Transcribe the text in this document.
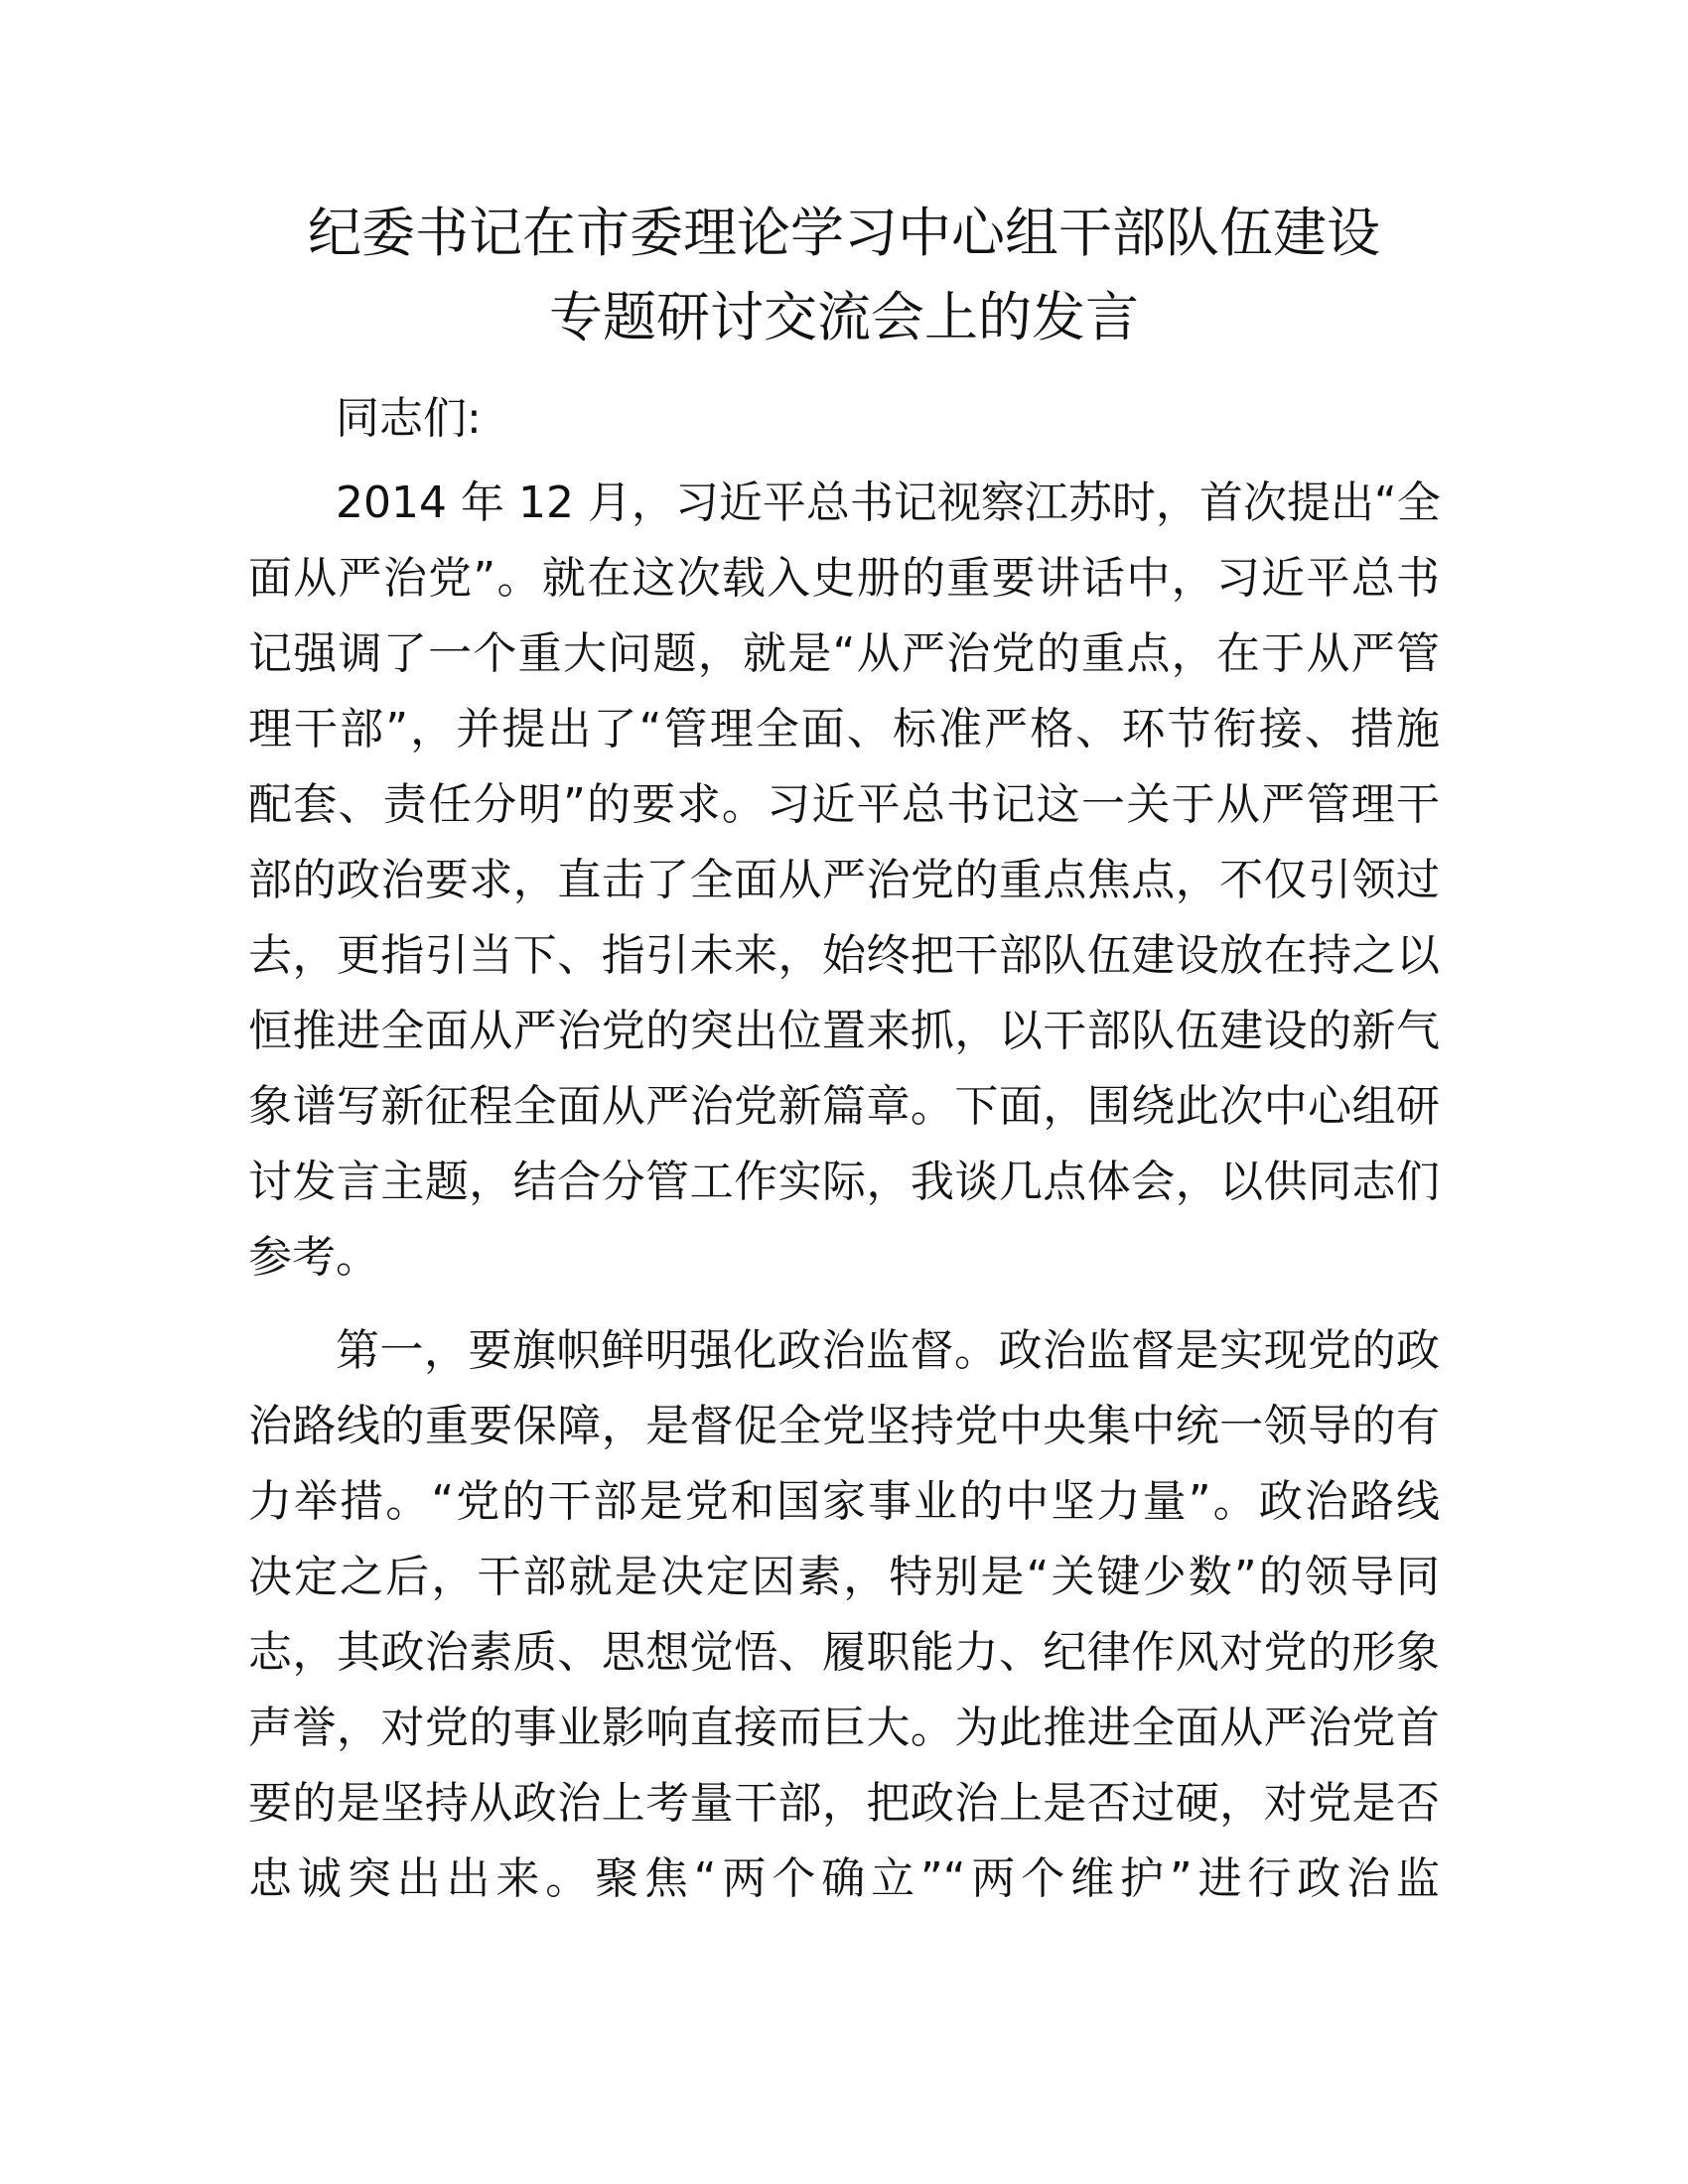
纪委书记在市委理论学习中心组干部队伍建设
专题研讨交流会上的发言
同志们:
2014 年 12 月，习近平总书记视察江苏时，首次提出“全
面从严治党”。就在这次载入史册的重要讲话中，习近平总书
记强调了一个重大问题，就是“从严治党的重点，在于从严管
理干部”，并提出了“管理全面、标准严格、环节衔接、措施
配套、责任分明”的要求。习近平总书记这一关于从严管理干
部的政治要求，直击了全面从严治党的重点焦点，不仅引领过
去，更指引当下、指引未来，始终把干部队伍建设放在持之以
恒推进全面从严治党的突出位置来抓，以干部队伍建设的新气
象谱写新征程全面从严治党新篇章。下面，围绕此次中心组研
讨发言主题，结合分管工作实际，我谈几点体会，以供同志们
参考。
第一，要旗帜鲜明强化政治监督。政治监督是实现党的政
治路线的重要保障，是督促全党坚持党中央集中统一领导的有
力举措。“党的干部是党和国家事业的中坚力量”。政治路线
决定之后，干部就是决定因素，特别是“关键少数”的领导同
志，其政治素质、思想觉悟、履职能力、纪律作风对党的形象
声誉，对党的事业影响直接而巨大。为此推进全面从严治党首
要的是坚持从政治上考量干部，把政治上是否过硬，对党是否
忠诚突出出来。聚焦“两个确立”“两个维护”进行政治监
